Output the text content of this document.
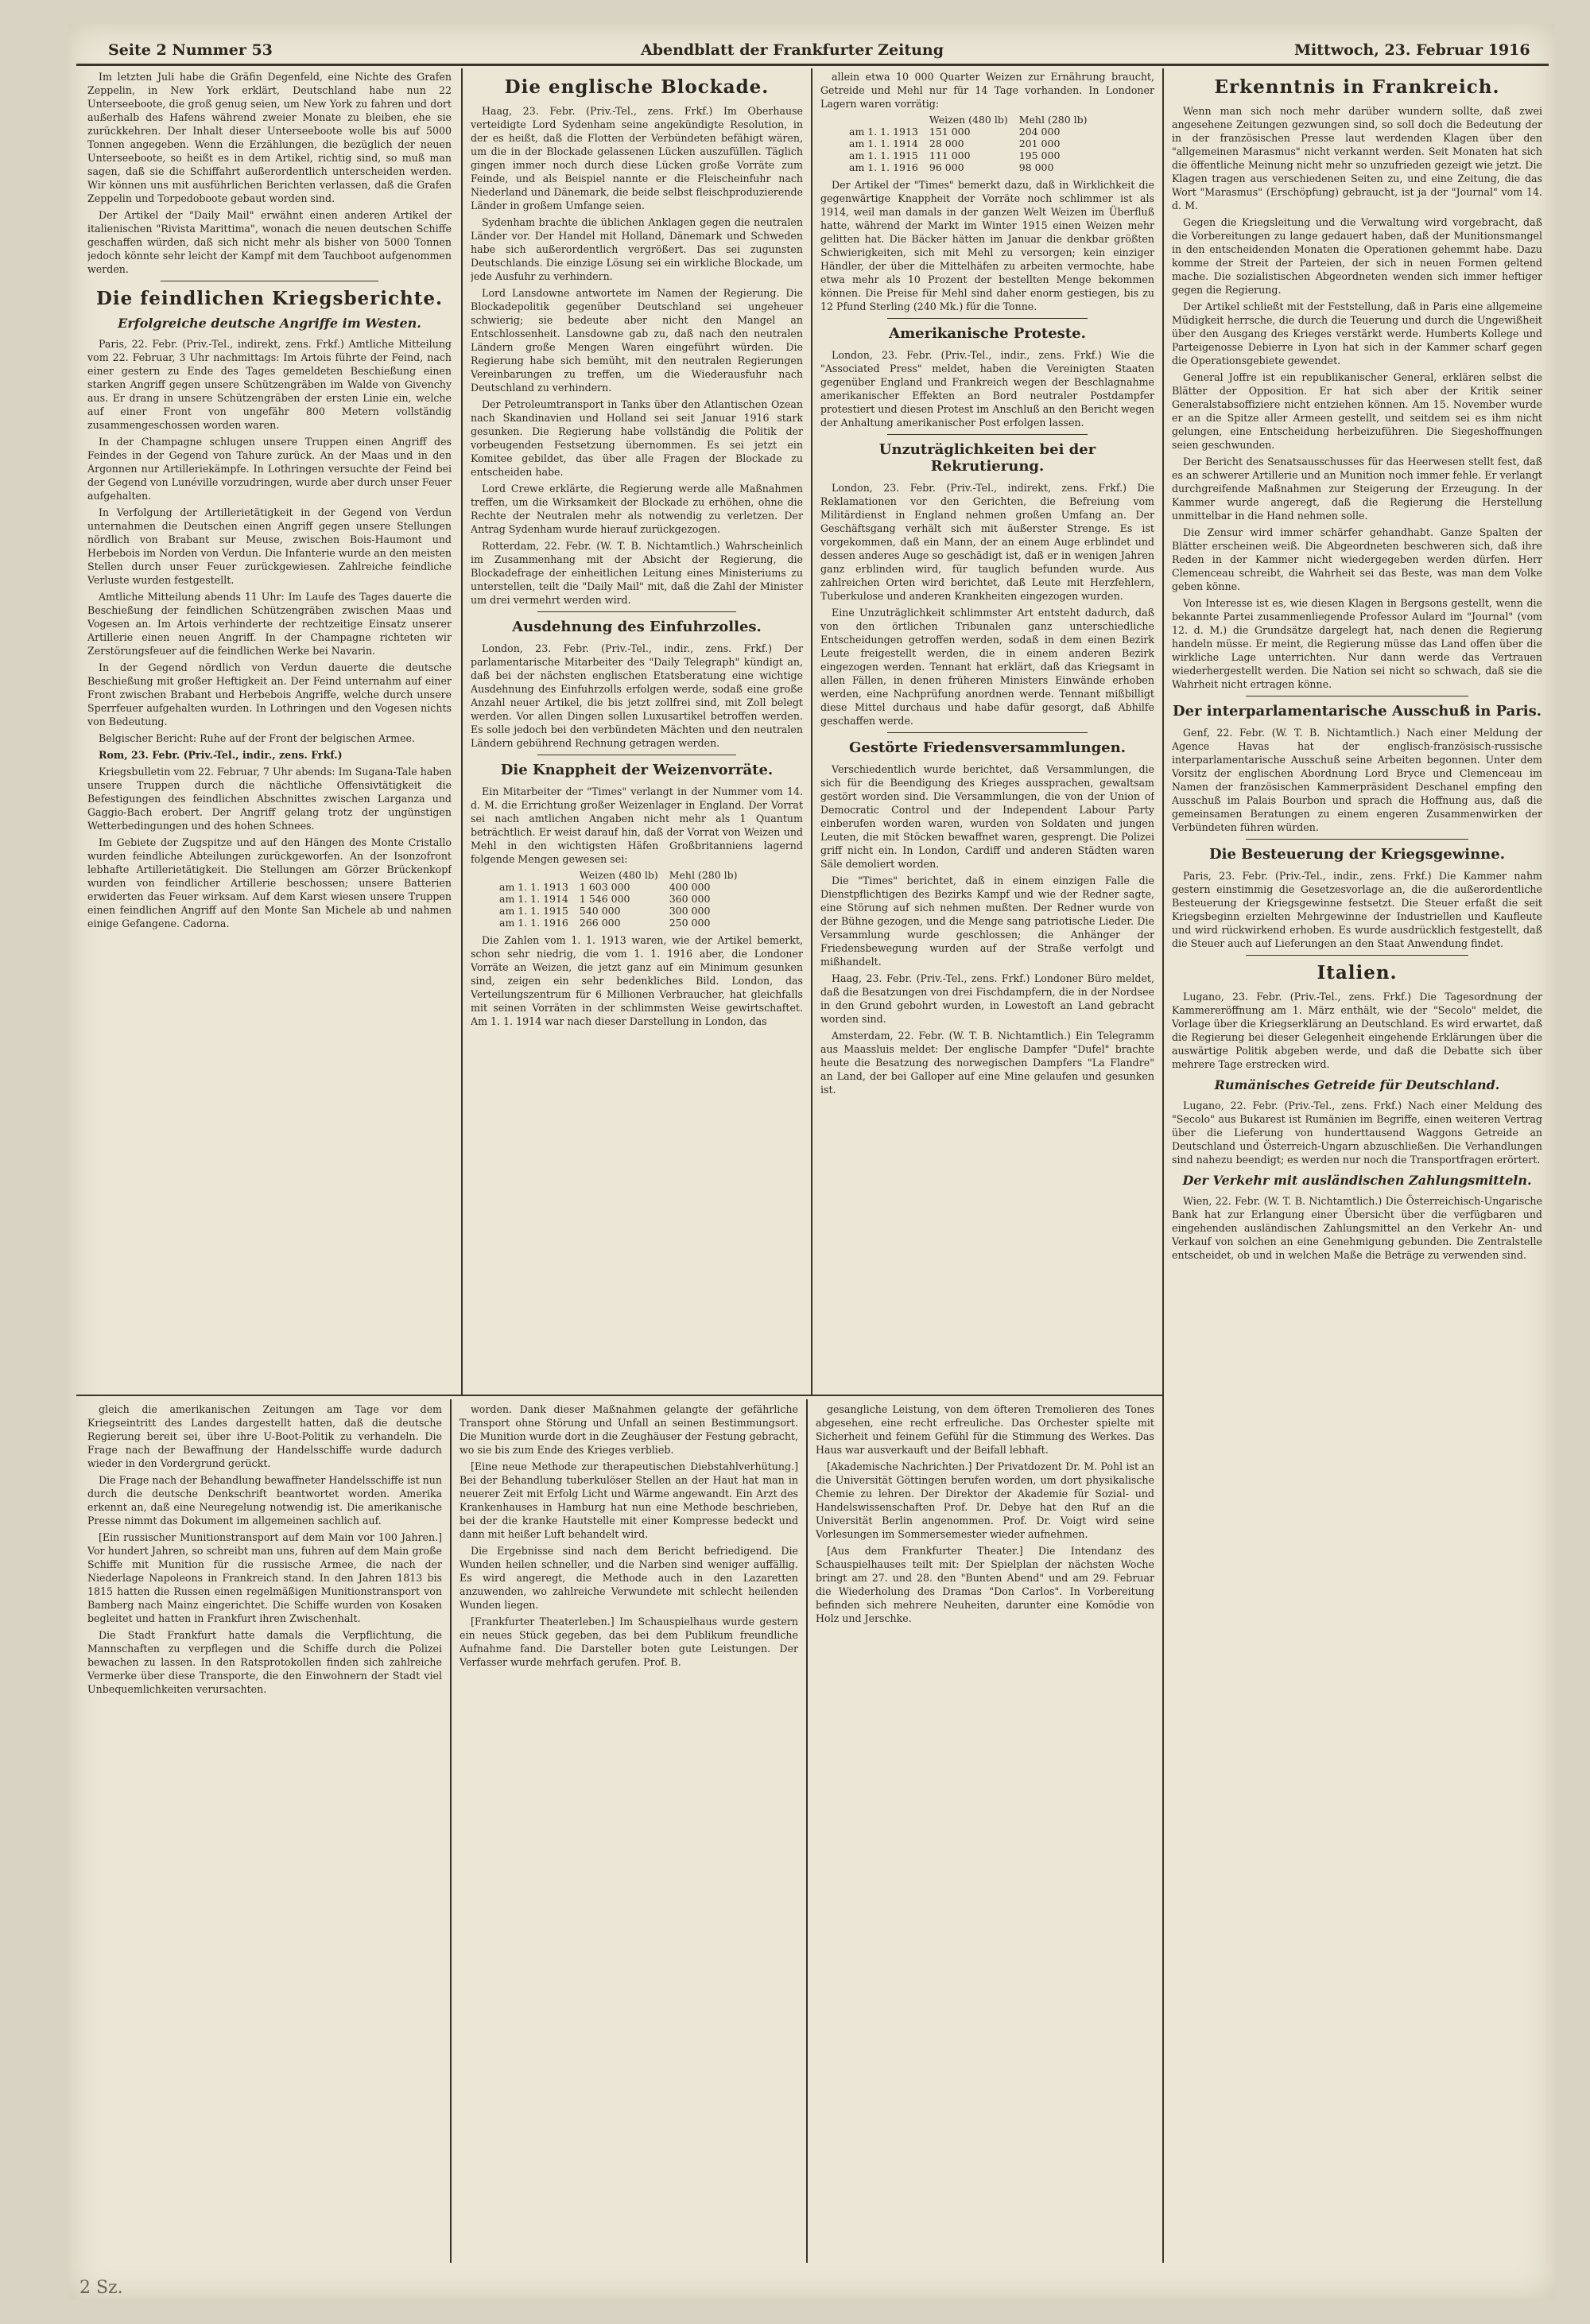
Seite 2 Nummer 53	Abendblatt der Frankfurter Zeitung	Mittwoch, 23. Februar 1916

Im letzten Juli habe die Gräfin Degenfeld, eine Nichte des Grafen Zeppelin, in New York erklärt, Deutschland habe nun 22 Unterseeboote, die groß genug seien, um New York zu fahren und dort außerhalb des Hafens während zweier Monate zu bleiben, ehe sie zurückkehren. Der Inhalt dieser Unterseeboote wolle bis auf 5000 Tonnen angegeben. Wenn die Erzählungen, die bezüglich der neuen Unterseeboote, so heißt es in dem Artikel, richtig sind, so muß man sagen, daß sie die Schiffahrt außerordentlich unterscheiden werden. Wir können uns mit ausführlichen Berichten verlassen, daß die Grafen Zeppelin und Torpedoboote gebaut worden sind.

Der Artikel der "Daily Mail" erwähnt einen anderen Artikel der italienischen "Rivista Marittima", wonach die neuen deutschen Schiffe geschaffen würden, daß sich nicht mehr als bisher von 5000 Tonnen jedoch könnte sehr leicht der Kampf mit dem Tauchboot aufgenommen werden.

Die feindlichen Kriegsberichte.
Erfolgreiche deutsche Angriffe im Westen.

Paris, 22. Febr. (Priv.-Tel., indirekt, zens. Frkf.) Amtliche Mitteilung vom 22. Februar, 3 Uhr nachmittags: Im Artois führte der Feind, nach einer gestern zu Ende des Tages gemeldeten Beschießung einen starken Angriff gegen unsere Schützengräben im Walde von Givenchy aus. Er drang in unsere Schützengräben der ersten Linie ein, welche auf einer Front von ungefähr 800 Metern vollständig zusammengeschossen worden waren.

In der Champagne schlugen unsere Truppen einen Angriff des Feindes in der Gegend von Tahure zurück. An der Maas und in den Argonnen nur Artilleriekämpfe. In Lothringen versuchte der Feind bei der Gegend von Lunéville vorzudringen, wurde aber durch unser Feuer aufgehalten.

In Verfolgung der Artillerietätigkeit in der Gegend von Verdun unternahmen die Deutschen einen Angriff gegen unsere Stellungen nördlich von Brabant sur Meuse, zwischen Bois-Haumont und Herbebois im Norden von Verdun. Die Infanterie wurde an den meisten Stellen durch unser Feuer zurückgewiesen. Zahlreiche feindliche Verluste wurden festgestellt.

Amtliche Mitteilung abends 11 Uhr: Im Laufe des Tages dauerte die Beschießung der feindlichen Schützengräben zwischen Maas und Vogesen an. Im Artois verhinderte der rechtzeitige Einsatz unserer Artillerie einen neuen Angriff. In der Champagne richteten wir Zerstörungsfeuer auf die feindlichen Werke bei Navarin.

In der Gegend nördlich von Verdun dauerte die deutsche Beschießung mit großer Heftigkeit an. Der Feind unternahm auf einer Front zwischen Brabant und Herbebois Angriffe, welche durch unsere Sperrfeuer aufgehalten wurden. In Lothringen und den Vogesen nichts von Bedeutung.

Belgischer Bericht: Ruhe auf der Front der belgischen Armee.

Rom, 23. Febr. (Priv.-Tel., indir., zens. Frkf.)

Kriegsbulletin vom 22. Februar, 7 Uhr abends: Im Sugana-Tale haben unsere Truppen durch die nächtliche Offensivtätigkeit die Befestigungen des feindlichen Abschnittes zwischen Larganza und Gaggio-Bach erobert. Der Angriff gelang trotz der ungünstigen Wetterbedingungen und des hohen Schnees.

Im Gebiete der Zugspitze und auf den Hängen des Monte Cristallo wurden feindliche Abteilungen zurückgeworfen. An der Isonzofront lebhafte Artillerietätigkeit. Die Stellungen am Görzer Brückenkopf wurden von feindlicher Artillerie beschossen; unsere Batterien erwiderten das Feuer wirksam. Auf dem Karst wiesen unsere Truppen einen feindlichen Angriff auf den Monte San Michele ab und nahmen einige Gefangene. Cadorna.

Die englische Blockade.

Haag, 23. Febr. (Priv.-Tel., zens. Frkf.) Im Oberhause verteidigte Lord Sydenham seine angekündigte Resolution, in der es heißt, daß die Flotten der Verbündeten befähigt wären, um die in der Blockade gelassenen Lücken auszufüllen. Täglich gingen immer noch durch diese Lücken große Vorräte zum Feinde, und als Beispiel nannte er die Fleischeinfuhr nach Niederland und Dänemark, die beide selbst fleischproduzierende Länder in großem Umfange seien.

Sydenham brachte die üblichen Anklagen gegen die neutralen Länder vor. Der Handel mit Holland, Dänemark und Schweden habe sich außerordentlich vergrößert. Das sei zugunsten Deutschlands. Die einzige Lösung sei ein wirkliche Blockade, um jede Ausfuhr zu verhindern.

Lord Lansdowne antwortete im Namen der Regierung. Die Blockadepolitik gegenüber Deutschland sei ungeheuer schwierig; sie bedeute aber nicht den Mangel an Entschlossenheit. Lansdowne gab zu, daß nach den neutralen Ländern große Mengen Waren eingeführt würden. Die Regierung habe sich bemüht, mit den neutralen Regierungen Vereinbarungen zu treffen, um die Wiederausfuhr nach Deutschland zu verhindern.

Der Petroleumtransport in Tanks über den Atlantischen Ozean nach Skandinavien und Holland sei seit Januar 1916 stark gesunken. Die Regierung habe vollständig die Politik der vorbeugenden Festsetzung übernommen. Es sei jetzt ein Komitee gebildet, das über alle Fragen der Blockade zu entscheiden habe.

Lord Crewe erklärte, die Regierung werde alle Maßnahmen treffen, um die Wirksamkeit der Blockade zu erhöhen, ohne die Rechte der Neutralen mehr als notwendig zu verletzen. Der Antrag Sydenham wurde hierauf zurückgezogen.

Rotterdam, 22. Febr. (W. T. B. Nichtamtlich.) Wahrscheinlich im Zusammenhang mit der Absicht der Regierung, die Blockadefrage der einheitlichen Leitung eines Ministeriums zu unterstellen, teilt die "Daily Mail" mit, daß die Zahl der Minister um drei vermehrt werden wird.

Ausdehnung des Einfuhrzolles.

London, 23. Febr. (Priv.-Tel., indir., zens. Frkf.) Der parlamentarische Mitarbeiter des "Daily Telegraph" kündigt an, daß bei der nächsten englischen Etatsberatung eine wichtige Ausdehnung des Einfuhrzolls erfolgen werde, sodaß eine große Anzahl neuer Artikel, die bis jetzt zollfrei sind, mit Zoll belegt werden. Vor allen Dingen sollen Luxusartikel betroffen werden. Es solle jedoch bei den verbündeten Mächten und den neutralen Ländern gebührend Rechnung getragen werden.

Die Knappheit der Weizenvorräte.

Ein Mitarbeiter der "Times" verlangt in der Nummer vom 14. d. M. die Errichtung großer Weizenlager in England. Der Vorrat sei nach amtlichen Angaben nicht mehr als 1 Quantum beträchtlich. Er weist darauf hin, daß der Vorrat von Weizen und Mehl in den wichtigsten Häfen Großbritanniens lagernd folgende Mengen gewesen sei:

	Weizen (480 lb)	Mehl (280 lb)
am 1. 1. 1913	1 603 000	400 000
am 1. 1. 1914	1 546 000	360 000
am 1. 1. 1915	540 000	300 000
am 1. 1. 1916	266 000	250 000

Die Zahlen vom 1. 1. 1913 waren, wie der Artikel bemerkt, schon sehr niedrig, die vom 1. 1. 1916 aber, die Londoner Vorräte an Weizen, die jetzt ganz auf ein Minimum gesunken sind, zeigen ein sehr bedenkliches Bild. London, das Verteilungszentrum für 6 Millionen Verbraucher, hat gleichfalls mit seinen Vorräten in der schlimmsten Weise gewirtschaftet. Am 1. 1. 1914 war nach dieser Darstellung in London, das

allein etwa 10 000 Quarter Weizen zur Ernährung braucht, Getreide und Mehl nur für 14 Tage vorhanden. In Londoner Lagern waren vorrätig:

	Weizen (480 lb)	Mehl (280 lb)
am 1. 1. 1913	151 000	204 000
am 1. 1. 1914	28 000	201 000
am 1. 1. 1915	111 000	195 000
am 1. 1. 1916	96 000	98 000

Der Artikel der "Times" bemerkt dazu, daß in Wirklichkeit die gegenwärtige Knappheit der Vorräte noch schlimmer ist als 1914, weil man damals in der ganzen Welt Weizen im Überfluß hatte, während der Markt im Winter 1915 einen Weizen mehr gelitten hat. Die Bäcker hätten im Januar die denkbar größten Schwierigkeiten, sich mit Mehl zu versorgen; kein einziger Händler, der über die Mittelhäfen zu arbeiten vermochte, habe etwa mehr als 10 Prozent der bestellten Menge bekommen können. Die Preise für Mehl sind daher enorm gestiegen, bis zu 12 Pfund Sterling (240 Mk.) für die Tonne.

Amerikanische Proteste.

London, 23. Febr. (Priv.-Tel., indir., zens. Frkf.) Wie die "Associated Press" meldet, haben die Vereinigten Staaten gegenüber England und Frankreich wegen der Beschlagnahme amerikanischer Effekten an Bord neutraler Postdampfer protestiert und diesen Protest im Anschluß an den Bericht wegen der Anhaltung amerikanischer Post erfolgen lassen.

Unzuträglichkeiten bei der Rekrutierung.

London, 23. Febr. (Priv.-Tel., indirekt, zens. Frkf.) Die Reklamationen vor den Gerichten, die Befreiung vom Militärdienst in England nehmen großen Umfang an. Der Geschäftsgang verhält sich mit äußerster Strenge. Es ist vorgekommen, daß ein Mann, der an einem Auge erblindet und dessen anderes Auge so geschädigt ist, daß er in wenigen Jahren ganz erblinden wird, für tauglich befunden wurde. Aus zahlreichen Orten wird berichtet, daß Leute mit Herzfehlern, Tuberkulose und anderen Krankheiten eingezogen wurden.

Eine Unzuträglichkeit schlimmster Art entsteht dadurch, daß von den örtlichen Tribunalen ganz unterschiedliche Entscheidungen getroffen werden, sodaß in dem einen Bezirk Leute freigestellt werden, die in einem anderen Bezirk eingezogen werden. Tennant hat erklärt, daß das Kriegsamt in allen Fällen, in denen früheren Ministers Einwände erhoben werden, eine Nachprüfung anordnen werde. Tennant mißbilligt diese Mittel durchaus und habe dafür gesorgt, daß Abhilfe geschaffen werde.

Gestörte Friedensversammlungen.

Verschiedentlich wurde berichtet, daß Versammlungen, die sich für die Beendigung des Krieges aussprachen, gewaltsam gestört worden sind. Die Versammlungen, die von der Union of Democratic Control und der Independent Labour Party einberufen worden waren, wurden von Soldaten und jungen Leuten, die mit Stöcken bewaffnet waren, gesprengt. Die Polizei griff nicht ein. In London, Cardiff und anderen Städten waren Säle demoliert worden.

Die "Times" berichtet, daß in einem einzigen Falle die Dienstpflichtigen des Bezirks Kampf und wie der Redner sagte, eine Störung auf sich nehmen mußten. Der Redner wurde von der Bühne gezogen, und die Menge sang patriotische Lieder. Die Versammlung wurde geschlossen; die Anhänger der Friedensbewegung wurden auf der Straße verfolgt und mißhandelt.

Haag, 23. Febr. (Priv.-Tel., zens. Frkf.) Londoner Büro meldet, daß die Besatzungen von drei Fischdampfern, die in der Nordsee in den Grund gebohrt wurden, in Lowestoft an Land gebracht worden sind.

Amsterdam, 22. Febr. (W. T. B. Nichtamtlich.) Ein Telegramm aus Maassluis meldet: Der englische Dampfer "Dufel" brachte heute die Besatzung des norwegischen Dampfers "La Flandre" an Land, der bei Galloper auf eine Mine gelaufen und gesunken ist.

Erkenntnis in Frankreich.

Wenn man sich noch mehr darüber wundern sollte, daß zwei angesehene Zeitungen gezwungen sind, so soll doch die Bedeutung der in der französischen Presse laut werdenden Klagen über den "allgemeinen Marasmus" nicht verkannt werden. Seit Monaten hat sich die öffentliche Meinung nicht mehr so unzufrieden gezeigt wie jetzt. Die Klagen tragen aus verschiedenen Seiten zu, und eine Zeitung, die das Wort "Marasmus" (Erschöpfung) gebraucht, ist ja der "Journal" vom 14. d. M.

Gegen die Kriegsleitung und die Verwaltung wird vorgebracht, daß die Vorbereitungen zu lange gedauert haben, daß der Munitionsmangel in den entscheidenden Monaten die Operationen gehemmt habe. Dazu komme der Streit der Parteien, der sich in neuen Formen geltend mache. Die sozialistischen Abgeordneten wenden sich immer heftiger gegen die Regierung.

Der Artikel schließt mit der Feststellung, daß in Paris eine allgemeine Müdigkeit herrsche, die durch die Teuerung und durch die Ungewißheit über den Ausgang des Krieges verstärkt werde. Humberts Kollege und Parteigenosse Debierre in Lyon hat sich in der Kammer scharf gegen die Operationsgebiete gewendet.

General Joffre ist ein republikanischer General, erklären selbst die Blätter der Opposition. Er hat sich aber der Kritik seiner Generalstabsoffiziere nicht entziehen können. Am 15. November wurde er an die Spitze aller Armeen gestellt, und seitdem sei es ihm nicht gelungen, eine Entscheidung herbeizuführen. Die Siegeshoffnungen seien geschwunden.

Der Bericht des Senatsausschusses für das Heerwesen stellt fest, daß es an schwerer Artillerie und an Munition noch immer fehle. Er verlangt durchgreifende Maßnahmen zur Steigerung der Erzeugung. In der Kammer wurde angeregt, daß die Regierung die Herstellung unmittelbar in die Hand nehmen solle.

Die Zensur wird immer schärfer gehandhabt. Ganze Spalten der Blätter erscheinen weiß. Die Abgeordneten beschweren sich, daß ihre Reden in der Kammer nicht wiedergegeben werden dürfen. Herr Clemenceau schreibt, die Wahrheit sei das Beste, was man dem Volke geben könne.

Von Interesse ist es, wie diesen Klagen in Bergsons gestellt, wenn die bekannte Partei zusammenliegende Professor Aulard im "Journal" (vom 12. d. M.) die Grundsätze dargelegt hat, nach denen die Regierung handeln müsse. Er meint, die Regierung müsse das Land offen über die wirkliche Lage unterrichten. Nur dann werde das Vertrauen wiederhergestellt werden. Die Nation sei nicht so schwach, daß sie die Wahrheit nicht ertragen könne.

Der interparlamentarische Ausschuß in Paris.

Genf, 22. Febr. (W. T. B. Nichtamtlich.) Nach einer Meldung der Agence Havas hat der englisch-französisch-russische interparlamentarische Ausschuß seine Arbeiten begonnen. Unter dem Vorsitz der englischen Abordnung Lord Bryce und Clemenceau im Namen der französischen Kammerpräsident Deschanel empfing den Ausschuß im Palais Bourbon und sprach die Hoffnung aus, daß die gemeinsamen Beratungen zu einem engeren Zusammenwirken der Verbündeten führen würden.

Die Besteuerung der Kriegsgewinne.

Paris, 23. Febr. (Priv.-Tel., indir., zens. Frkf.) Die Kammer nahm gestern einstimmig die Gesetzesvorlage an, die die außerordentliche Besteuerung der Kriegsgewinne festsetzt. Die Steuer erfaßt die seit Kriegsbeginn erzielten Mehrgewinne der Industriellen und Kaufleute und wird rückwirkend erhoben. Es wurde ausdrücklich festgestellt, daß die Steuer auch auf Lieferungen an den Staat Anwendung findet.

Italien.

Lugano, 23. Febr. (Priv.-Tel., zens. Frkf.) Die Tagesordnung der Kammereröffnung am 1. März enthält, wie der "Secolo" meldet, die Vorlage über die Kriegserklärung an Deutschland. Es wird erwartet, daß die Regierung bei dieser Gelegenheit eingehende Erklärungen über die auswärtige Politik abgeben werde, und daß die Debatte sich über mehrere Tage erstrecken wird.

Rumänisches Getreide für Deutschland.

Lugano, 22. Febr. (Priv.-Tel., zens. Frkf.) Nach einer Meldung des "Secolo" aus Bukarest ist Rumänien im Begriffe, einen weiteren Vertrag über die Lieferung von hunderttausend Waggons Getreide an Deutschland und Österreich-Ungarn abzuschließen. Die Verhandlungen sind nahezu beendigt; es werden nur noch die Transportfragen erörtert.

Der Verkehr mit ausländischen Zahlungsmitteln.

Wien, 22. Febr. (W. T. B. Nichtamtlich.) Die Österreichisch-Ungarische Bank hat zur Erlangung einer Übersicht über die verfügbaren und eingehenden ausländischen Zahlungsmittel an den Verkehr An- und Verkauf von solchen an eine Genehmigung gebunden. Die Zentralstelle entscheidet, ob und in welchen Maße die Beträge zu verwenden sind.

gleich die amerikanischen Zeitungen am Tage vor dem Kriegseintritt des Landes dargestellt hatten, daß die deutsche Regierung bereit sei, über ihre U-Boot-Politik zu verhandeln. Die Frage nach der Bewaffnung der Handelsschiffe wurde dadurch wieder in den Vordergrund gerückt.

Die Frage nach der Behandlung bewaffneter Handelsschiffe ist nun durch die deutsche Denkschrift beantwortet worden. Amerika erkennt an, daß eine Neuregelung notwendig ist. Die amerikanische Presse nimmt das Dokument im allgemeinen sachlich auf.

[Ein russischer Munitionstransport auf dem Main vor 100 Jahren.] Vor hundert Jahren, so schreibt man uns, fuhren auf dem Main große Schiffe mit Munition für die russische Armee, die nach der Niederlage Napoleons in Frankreich stand. In den Jahren 1813 bis 1815 hatten die Russen einen regelmäßigen Munitionstransport von Bamberg nach Mainz eingerichtet. Die Schiffe wurden von Kosaken begleitet und hatten in Frankfurt ihren Zwischenhalt.

Die Stadt Frankfurt hatte damals die Verpflichtung, die Mannschaften zu verpflegen und die Schiffe durch die Polizei bewachen zu lassen. In den Ratsprotokollen finden sich zahlreiche Vermerke über diese Transporte, die den Einwohnern der Stadt viel Unbequemlichkeiten verursachten.

worden. Dank dieser Maßnahmen gelangte der gefährliche Transport ohne Störung und Unfall an seinen Bestimmungsort. Die Munition wurde dort in die Zeughäuser der Festung gebracht, wo sie bis zum Ende des Krieges verblieb.

[Eine neue Methode zur therapeutischen Diebstahlverhütung.] Bei der Behandlung tuberkulöser Stellen an der Haut hat man in neuerer Zeit mit Erfolg Licht und Wärme angewandt. Ein Arzt des Krankenhauses in Hamburg hat nun eine Methode beschrieben, bei der die kranke Hautstelle mit einer Kompresse bedeckt und dann mit heißer Luft behandelt wird.

Die Ergebnisse sind nach dem Bericht befriedigend. Die Wunden heilen schneller, und die Narben sind weniger auffällig. Es wird angeregt, die Methode auch in den Lazaretten anzuwenden, wo zahlreiche Verwundete mit schlecht heilenden Wunden liegen.

[Frankfurter Theaterleben.] Im Schauspielhaus wurde gestern ein neues Stück gegeben, das bei dem Publikum freundliche Aufnahme fand. Die Darsteller boten gute Leistungen. Der Verfasser wurde mehrfach gerufen. Prof. B.

gesangliche Leistung, von dem öfteren Tremolieren des Tones abgesehen, eine recht erfreuliche. Das Orchester spielte mit Sicherheit und feinem Gefühl für die Stimmung des Werkes. Das Haus war ausverkauft und der Beifall lebhaft.

[Akademische Nachrichten.] Der Privatdozent Dr. M. Pohl ist an die Universität Göttingen berufen worden, um dort physikalische Chemie zu lehren. Der Direktor der Akademie für Sozial- und Handelswissenschaften Prof. Dr. Debye hat den Ruf an die Universität Berlin angenommen. Prof. Dr. Voigt wird seine Vorlesungen im Sommersemester wieder aufnehmen.

[Aus dem Frankfurter Theater.] Die Intendanz des Schauspielhauses teilt mit: Der Spielplan der nächsten Woche bringt am 27. und 28. den "Bunten Abend" und am 29. Februar die Wiederholung des Dramas "Don Carlos". In Vorbereitung befinden sich mehrere Neuheiten, darunter eine Komödie von Holz und Jerschke.

2 Sz.
